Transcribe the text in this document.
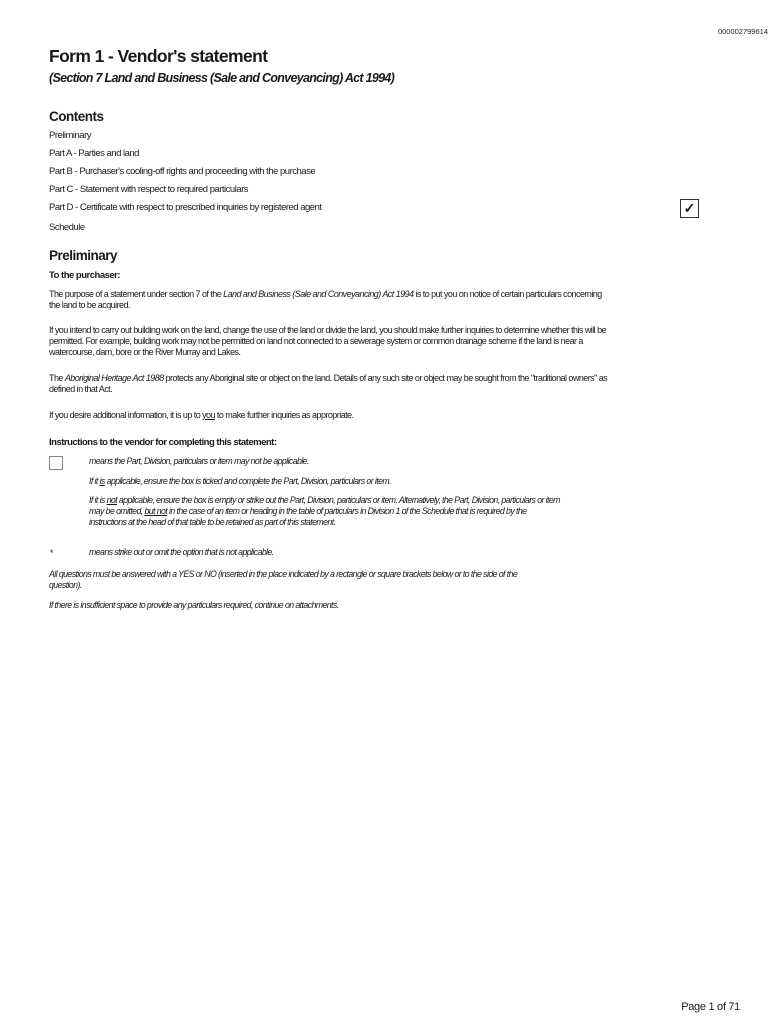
000002799614
Form 1 - Vendor's statement
(Section 7 Land and Business (Sale and Conveyancing) Act 1994)
Contents
Preliminary
Part A - Parties and land
Part B - Purchaser's cooling-off rights and proceeding with the purchase
Part C - Statement with respect to required particulars
Part D - Certificate with respect to prescribed inquiries by registered agent
Schedule
✓
Preliminary
To the purchaser:
The purpose of a statement under section 7 of the Land and Business (Sale and Conveyancing) Act 1994 is to put you on notice of certain particulars concerning the land to be acquired.
If you intend to carry out building work on the land, change the use of the land or divide the land, you should make further inquiries to determine whether this will be permitted. For example, building work may not be permitted on land not connected to a sewerage system or common drainage scheme if the land is near a watercourse, dam, bore or the River Murray and Lakes.
The Aboriginal Heritage Act 1988 protects any Aboriginal site or object on the land. Details of any such site or object may be sought from the "traditional owners" as defined in that Act.
If you desire additional information, it is up to you to make further inquiries as appropriate.
Instructions to the vendor for completing this statement:
means the Part, Division, particulars or item may not be applicable.
If it is applicable, ensure the box is ticked and complete the Part, Division, particulars or item.
If it is not applicable, ensure the box is empty or strike out the Part, Division, particulars or item. Alternatively, the Part, Division, particulars or item may be omitted, but not in the case of an item or heading in the table of particulars in Division 1 of the Schedule that is required by the instructions at the head of that table to be retained as part of this statement.
*	means strike out or omit the option that is not applicable.
All questions must be answered with a YES or NO (inserted in the place indicated by a rectangle or square brackets below or to the side of the question).
If there is insufficient space to provide any particulars required, continue on attachments.
Page 1 of 71
